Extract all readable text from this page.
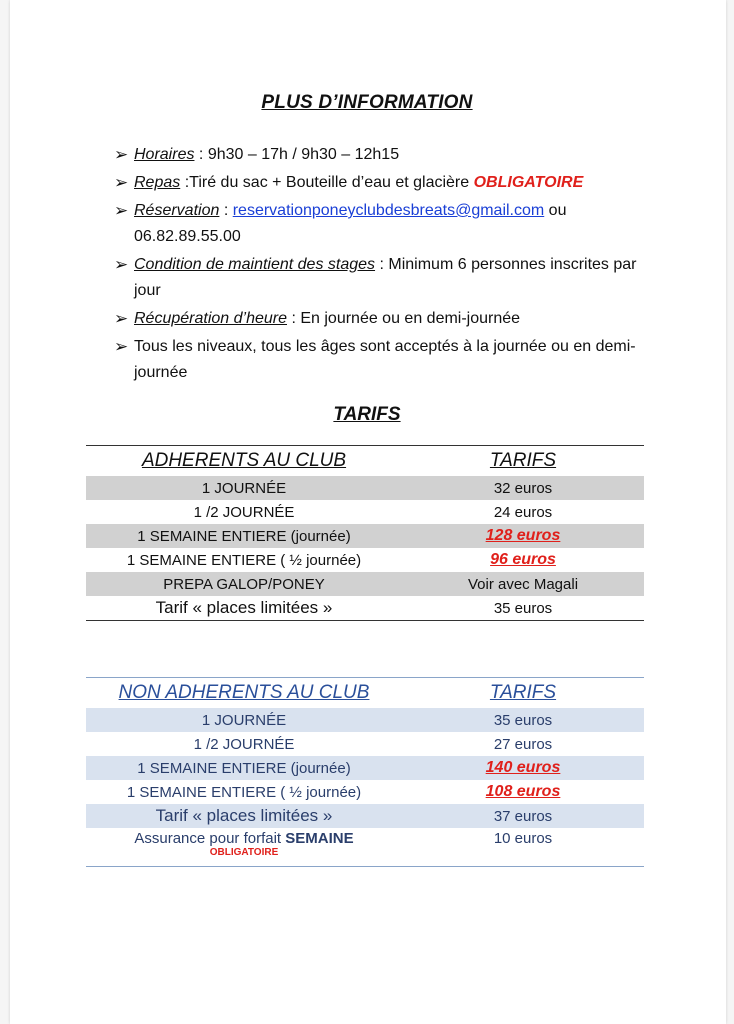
PLUS D’INFORMATION
➢ Horaires : 9h30 – 17h / 9h30 – 12h15
➢ Repas :Tiré du sac + Bouteille d’eau et glacière OBLIGATOIRE
➢ Réservation : reservationponeyclubdesbreats@gmail.com ou 06.82.89.55.00
➢ Condition de maintient des stages : Minimum 6 personnes inscrites par jour
➢ Récupération d’heure : En journée ou en demi-journée
➢ Tous les niveaux, tous les âges sont acceptés à la journée ou en demi-journée
TARIFS
ADHERENTS AU CLUB	TARIFS
1 JOURNÉE	32 euros
1 /2 JOURNÉE	24 euros
1 SEMAINE ENTIERE (journée)	128 euros
1 SEMAINE ENTIERE ( ½ journée)	96 euros
PREPA GALOP/PONEY	Voir avec Magali
Tarif « places limitées »	35 euros
NON ADHERENTS AU CLUB	TARIFS
1 JOURNÉE	35 euros
1 /2 JOURNÉE	27 euros
1 SEMAINE ENTIERE (journée)	140 euros
1 SEMAINE ENTIERE ( ½ journée)	108 euros
Tarif « places limitées »	37 euros
Assurance pour forfait SEMAINE
OBLIGATOIRE	10 euros
